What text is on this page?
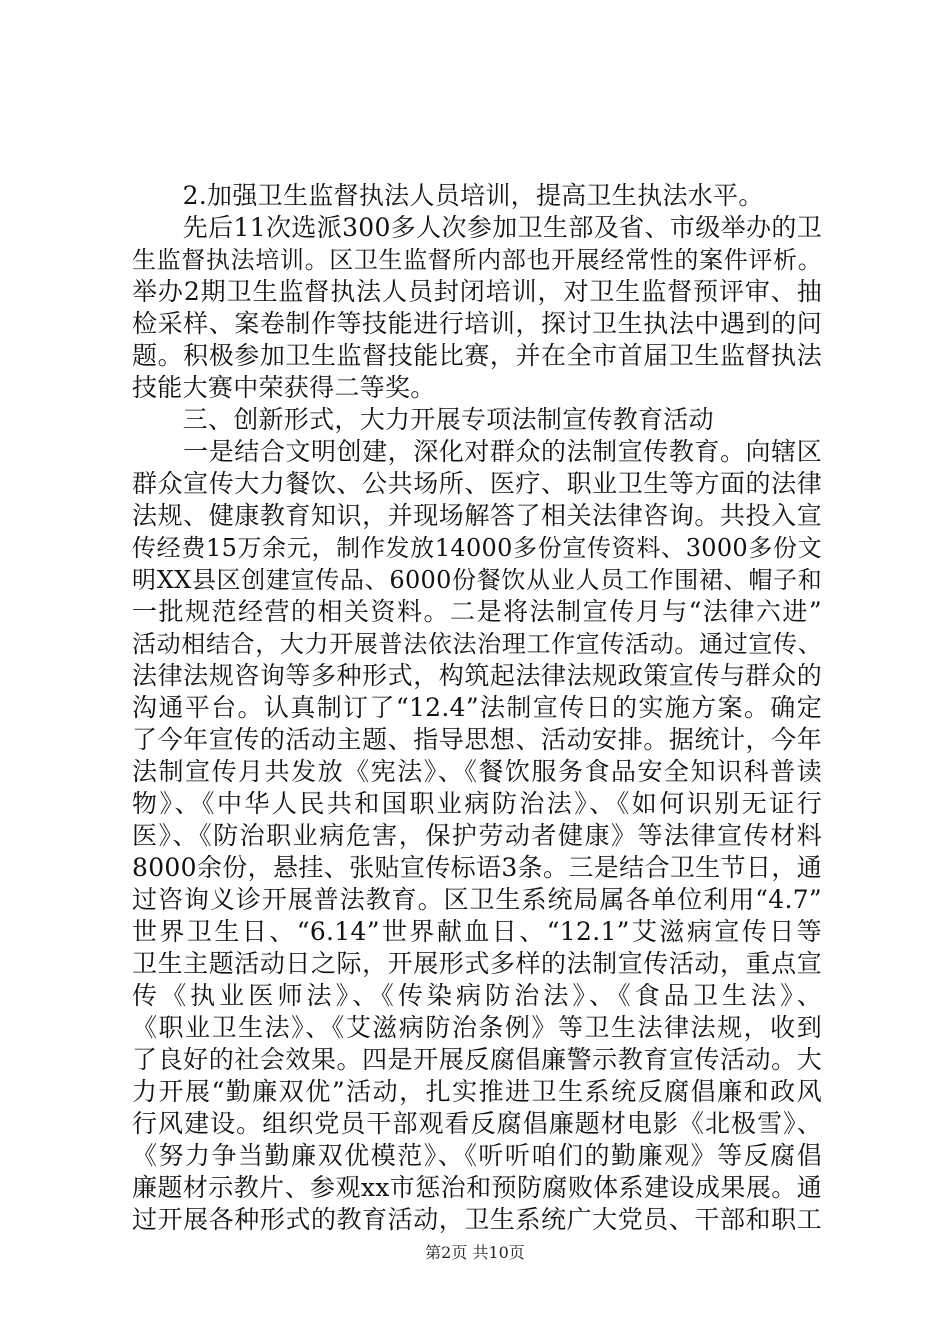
　　2.加强卫生监督执法人员培训，提高卫生执法水平。
　　先后11次选派300多人次参加卫生部及省、市级举办的卫
生监督执法培训。区卫生监督所内部也开展经常性的案件评析。
举办2期卫生监督执法人员封闭培训，对卫生监督预评审、抽
检采样、案卷制作等技能进行培训，探讨卫生执法中遇到的问
题。积极参加卫生监督技能比赛，并在全市首届卫生监督执法
技能大赛中荣获得二等奖。
　　三、创新形式，大力开展专项法制宣传教育活动
　　一是结合文明创建，深化对群众的法制宣传教育。向辖区
群众宣传大力餐饮、公共场所、医疗、职业卫生等方面的法律
法规、健康教育知识，并现场解答了相关法律咨询。共投入宣
传经费15万余元，制作发放14000多份宣传资料、3000多份文
明XX县区创建宣传品、6000份餐饮从业人员工作围裙、帽子和
一批规范经营的相关资料。二是将法制宣传月与“法律六进”
活动相结合，大力开展普法依法治理工作宣传活动。通过宣传、
法律法规咨询等多种形式，构筑起法律法规政策宣传与群众的
沟通平台。认真制订了“12.4”法制宣传日的实施方案。确定
了今年宣传的活动主题、指导思想、活动安排。据统计，今年
法制宣传月共发放《宪法》、《餐饮服务食品安全知识科普读
物》、《中华人民共和国职业病防治法》、《如何识别无证行
医》、《防治职业病危害，保护劳动者健康》等法律宣传材料
8000余份，悬挂、张贴宣传标语3条。三是结合卫生节日，通
过咨询义诊开展普法教育。区卫生系统局属各单位利用“4.7”
世界卫生日、“6.14”世界献血日、“12.1”艾滋病宣传日等
卫生主题活动日之际，开展形式多样的法制宣传活动，重点宣
传《执业医师法》、《传染病防治法》、《食品卫生法》、
《职业卫生法》、《艾滋病防治条例》等卫生法律法规，收到
了良好的社会效果。四是开展反腐倡廉警示教育宣传活动。大
力开展“勤廉双优”活动，扎实推进卫生系统反腐倡廉和政风
行风建设。组织党员干部观看反腐倡廉题材电影《北极雪》、
《努力争当勤廉双优模范》、《听听咱们的勤廉观》等反腐倡
廉题材示教片、参观xx市惩治和预防腐败体系建设成果展。通
过开展各种形式的教育活动，卫生系统广大党员、干部和职工
第2页 共10页
